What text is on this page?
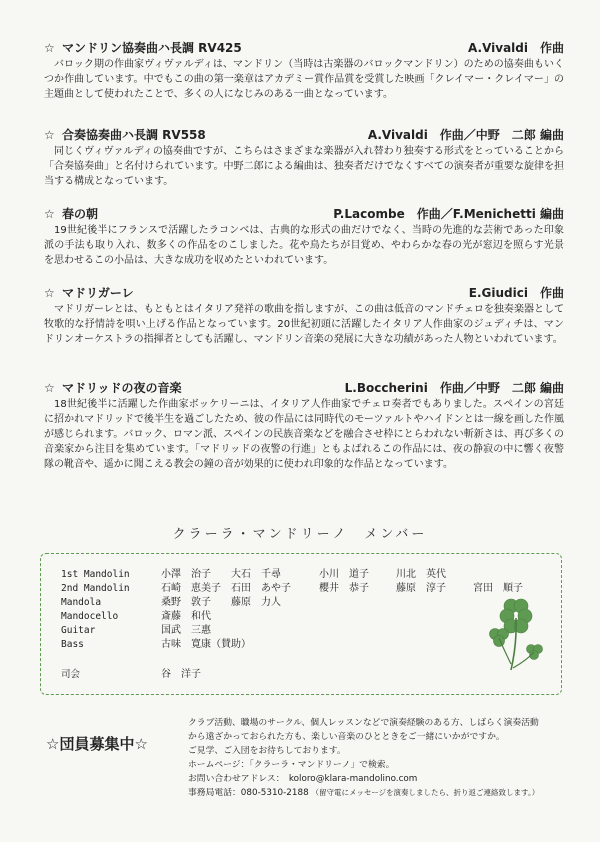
☆ マンドリン協奏曲ハ長調 RV425	A.Vivaldi　作曲
バロック期の作曲家ヴィヴァルディは、マンドリン（当時は古楽器のバロックマンドリン）のための協奏曲もいくつか作曲しています。中でもこの曲の第一楽章はアカデミー賞作品賞を受賞した映画「クレイマー・クレイマー」の主題曲として使われたことで、多くの人になじみのある一曲となっています。
☆ 合奏協奏曲ハ長調 RV558	A.Vivaldi　作曲／中野　二郎 編曲
同じくヴィヴァルディの協奏曲ですが、こちらはさまざまな楽器が入れ替わり独奏する形式をとっていることから「合奏協奏曲」と名付けられています。中野二郎による編曲は、独奏者だけでなくすべての演奏者が重要な旋律を担当する構成となっています。
☆ 春の朝	P.Lacombe　作曲／F.Menichetti 編曲
19世紀後半にフランスで活躍したラコンベは、古典的な形式の曲だけでなく、当時の先進的な芸術であった印象派の手法も取り入れ、数多くの作品をのこしました。花や鳥たちが目覚め、やわらかな春の光が窓辺を照らす光景を思わせるこの小品は、大きな成功を収めたといわれています。
☆ マドリガーレ	E.Giudici　作曲
マドリガーレとは、もともとはイタリア発祥の歌曲を指しますが、この曲は低音のマンドチェロを独奏楽器として牧歌的な抒情詩を唄い上げる作品となっています。20世紀初頭に活躍したイタリア人作曲家のジュディチは、マンドリンオーケストラの指揮者としても活躍し、マンドリン音楽の発展に大きな功績があった人物といわれています。
☆ マドリッドの夜の音楽	L.Boccherini　作曲／中野　二郎 編曲
18世紀後半に活躍した作曲家ボッケリーニは、イタリア人作曲家でチェロ奏者でもありました。スペインの宮廷に招かれマドリッドで後半生を過ごしたため、彼の作品には同時代のモーツァルトやハイドンとは一線を画した作風が感じられます。バロック、ロマン派、スペインの民族音楽などを融合させ枠にとらわれない斬新さは、再び多くの音楽家から注目を集めています。「マドリッドの夜警の行進」ともよばれるこの作品には、夜の静寂の中に響く夜警隊の靴音や、遥かに聞こえる教会の鐘の音が効果的に使われ印象的な作品となっています。
クラーラ・マンドリーノ　メンバー
1st Mandolin	小澤　治子 大石　千尋	小川　道子	川北　英代
2nd Mandolin	石崎　恵美子 石田　あや子	櫻井　恭子	藤原　淳子	宮田　順子
Mandola	桑野　敦子 藤原　力人
Mandocello	斎藤　和代
Guitar	国武　三惠
Bass	古味　寛康（賛助）
司会	谷　洋子
☆団員募集中☆
クラブ活動、職場のサークル、個人レッスンなどで演奏経験のある方、しばらく演奏活動
から遠ざかっておられた方も、楽しい音楽のひとときをご一緒にいかがですか。
ご見学、ご入団をお待ちしております。
ホームページ：「クラーラ・マンドリーノ」で検索。
お問い合わせアドレス：　koloro@klara-mandolino.com
事務局電話：080-5310-2188 （留守電にメッセージを演奏しましたら、折り返ご連絡致します。）
